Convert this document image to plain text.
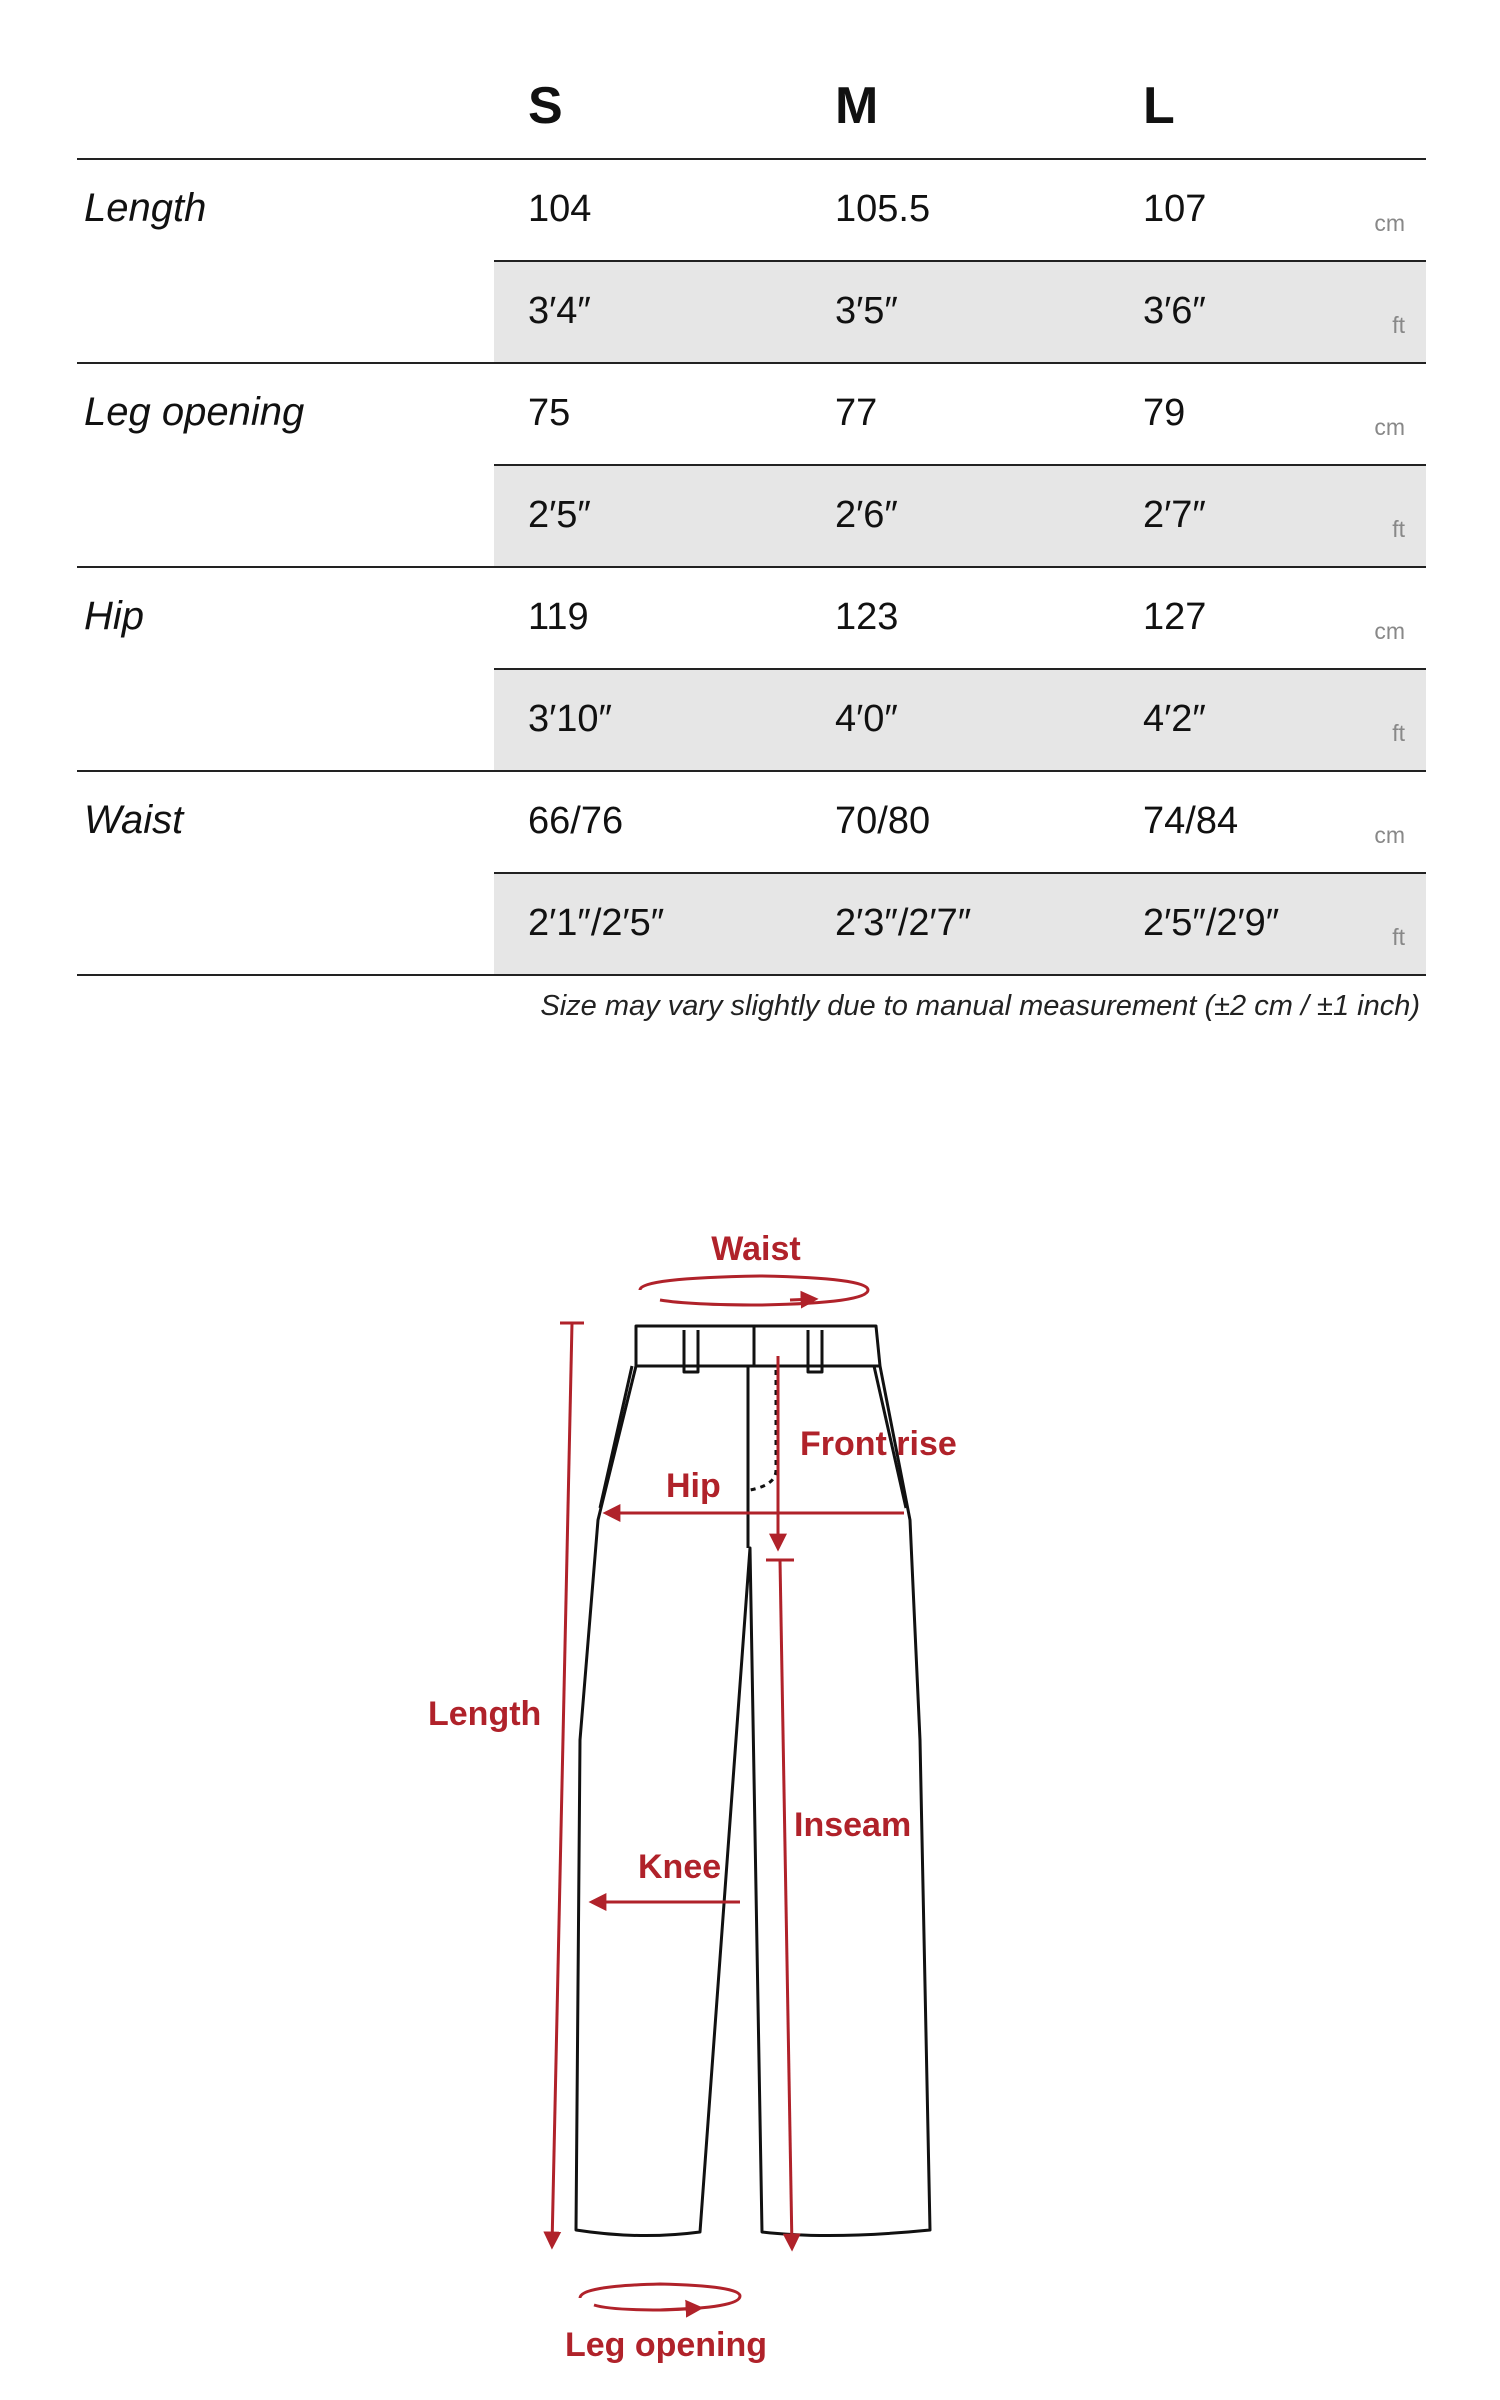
S	M	L
Length	104	105.5	107	cm
3′4″	3′5″	3′6″	ft
Leg opening	75	77	79	cm
2′5″	2′6″	2′7″	ft
Hip	119	123	127	cm
3′10″	4′0″	4′2″	ft
Waist	66/76	70/80	74/84	cm
2′1″/2′5″	2′3″/2′7″	2′5″/2′9″	ft
Size may vary slightly due to manual measurement (±2 cm / ±1 inch)
Waist
Front rise
Hip
Length
Inseam
Knee
Leg opening
